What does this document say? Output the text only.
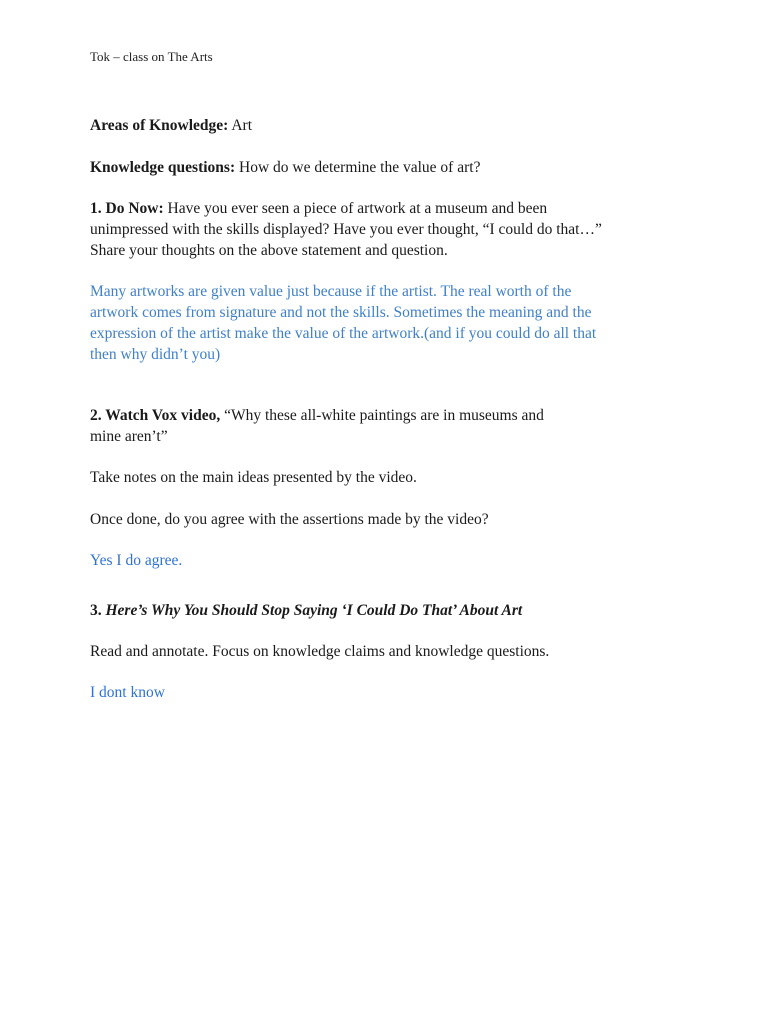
Tok – class on The Arts
Areas of Knowledge: Art
Knowledge questions: How do we determine the value of art?
1. Do Now: Have you ever seen a piece of artwork at a museum and been
unimpressed with the skills displayed? Have you ever thought, “I could do that…”
Share your thoughts on the above statement and question.
Many artworks are given value just because if the artist. The real worth of the
artwork comes from signature and not the skills. Sometimes the meaning and the
expression of the artist make the value of the artwork.(and if you could do all that
then why didn’t you)
2. Watch Vox video, “Why these all-white paintings are in museums and
mine aren’t”
Take notes on the main ideas presented by the video.
Once done, do you agree with the assertions made by the video?
Yes I do agree.
3. Here’s Why You Should Stop Saying ‘I Could Do That’ About Art
Read and annotate. Focus on knowledge claims and knowledge questions.
I dont know
